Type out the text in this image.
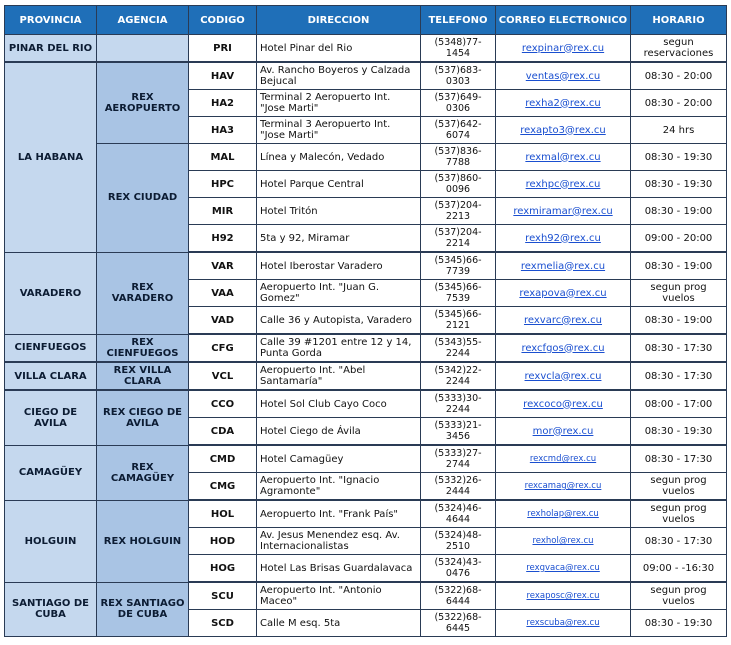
PROVINCIA	AGENCIA	CODIGO	DIRECCION	TELEFONO	CORREO ELECTRONICO	HORARIO
PINAR DEL RIO		PRI	Hotel Pinar del Rio	(5348)77-1454	rexpinar@rex.cu	segun reservaciones
LA HABANA	REX AEROPUERTO	HAV	Av. Rancho Boyeros y Calzada Bejucal	(537)683-0303	ventas@rex.cu	08:30 - 20:00
		HA2	Terminal 2 Aeropuerto Int. "Jose Marti"	(537)649-0306	rexha2@rex.cu	08:30 - 20:00
		HA3	Terminal 3 Aeropuerto Int. "Jose Marti"	(537)642-6074	rexapto3@rex.cu	24 hrs
	REX CIUDAD	MAL	Línea y Malecón, Vedado	(537)836-7788	rexmal@rex.cu	08:30 - 19:30
		HPC	Hotel Parque Central	(537)860-0096	rexhpc@rex.cu	08:30 - 19:30
		MIR	Hotel Tritón	(537)204-2213	rexmiramar@rex.cu	08:30 - 19:00
		H92	5ta y 92, Miramar	(537)204-2214	rexh92@rex.cu	09:00 - 20:00
VARADERO	REX VARADERO	VAR	Hotel Iberostar Varadero	(5345)66-7739	rexmelia@rex.cu	08:30 - 19:00
		VAA	Aeropuerto Int. "Juan G. Gomez"	(5345)66-7539	rexapova@rex.cu	segun prog vuelos
		VAD	Calle 36 y Autopista, Varadero	(5345)66-2121	rexvarc@rex.cu	08:30 - 19:00
CIENFUEGOS	REX CIENFUEGOS	CFG	Calle 39 #1201 entre 12 y 14, Punta Gorda	(5343)55-2244	rexcfgos@rex.cu	08:30 - 17:30
VILLA CLARA	REX VILLA CLARA	VCL	Aeropuerto Int. "Abel Santamaría"	(5342)22-2244	rexvcla@rex.cu	08:30 - 17:30
CIEGO DE AVILA	REX CIEGO DE AVILA	CCO	Hotel Sol Club Cayo Coco	(5333)30-2244	rexcoco@rex.cu	08:00 - 17:00
		CDA	Hotel Ciego de Ávila	(5333)21-3456	mor@rex.cu	08:30 - 19:30
CAMAGÜEY	REX CAMAGÜEY	CMD	Hotel Camagüey	(5333)27-2744	rexcmd@rex.cu	08:30 - 17:30
		CMG	Aeropuerto Int. "Ignacio Agramonte"	(5332)26-2444	rexcamag@rex.cu	segun prog vuelos
HOLGUIN	REX HOLGUIN	HOL	Aeropuerto Int. "Frank País"	(5324)46-4644	rexholap@rex.cu	segun prog vuelos
		HOD	Av. Jesus Menendez esq. Av. Internacionalistas	(5324)48-2510	rexhol@rex.cu	08:30 - 17:30
		HOG	Hotel Las Brisas Guardalavaca	(5324)43-0476	rexgvaca@rex.cu	09:00 - -16:30
SANTIAGO DE CUBA	REX SANTIAGO DE CUBA	SCU	Aeropuerto Int. "Antonio Maceo"	(5322)68-6444	rexaposc@rex.cu	segun prog vuelos
		SCD	Calle M esq. 5ta	(5322)68-6445	rexscuba@rex.cu	08:30 - 19:30
